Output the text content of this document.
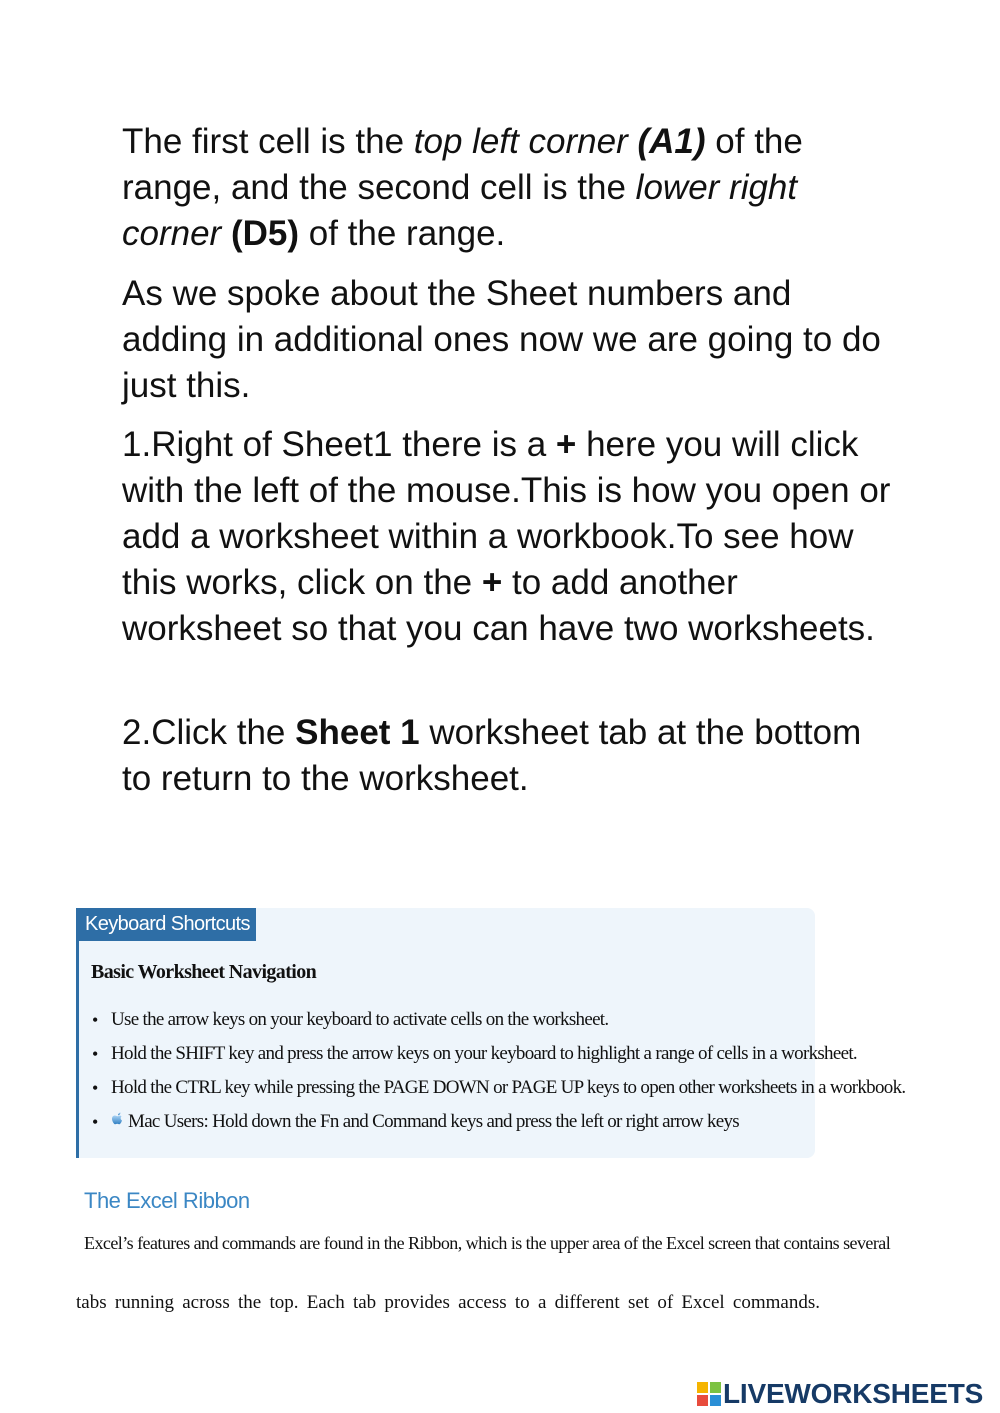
The first cell is the top left corner (A1) of the range, and the second cell is the lower right corner (D5) of the range.

As we spoke about the Sheet numbers and adding in additional ones now we are going to do just this.

1.Right of Sheet1 there is a + here you will click with the left of the mouse.This is how you open or add a worksheet within a workbook.To see how this works, click on the + to add another worksheet so that you can have two worksheets.

2.Click the Sheet 1 worksheet tab at the bottom to return to the worksheet.

Keyboard Shortcuts
Basic Worksheet Navigation
• Use the arrow keys on your keyboard to activate cells on the worksheet.
• Hold the SHIFT key and press the arrow keys on your keyboard to highlight a range of cells in a worksheet.
• Hold the CTRL key while pressing the PAGE DOWN or PAGE UP keys to open other worksheets in a workbook.
• Mac Users: Hold down the Fn and Command keys and press the left or right arrow keys
The Excel Ribbon
Excel’s features and commands are found in the Ribbon, which is the upper area of the Excel screen that contains several
tabs running across the top. Each tab provides access to a different set of Excel commands.
LIVEWORKSHEETS
